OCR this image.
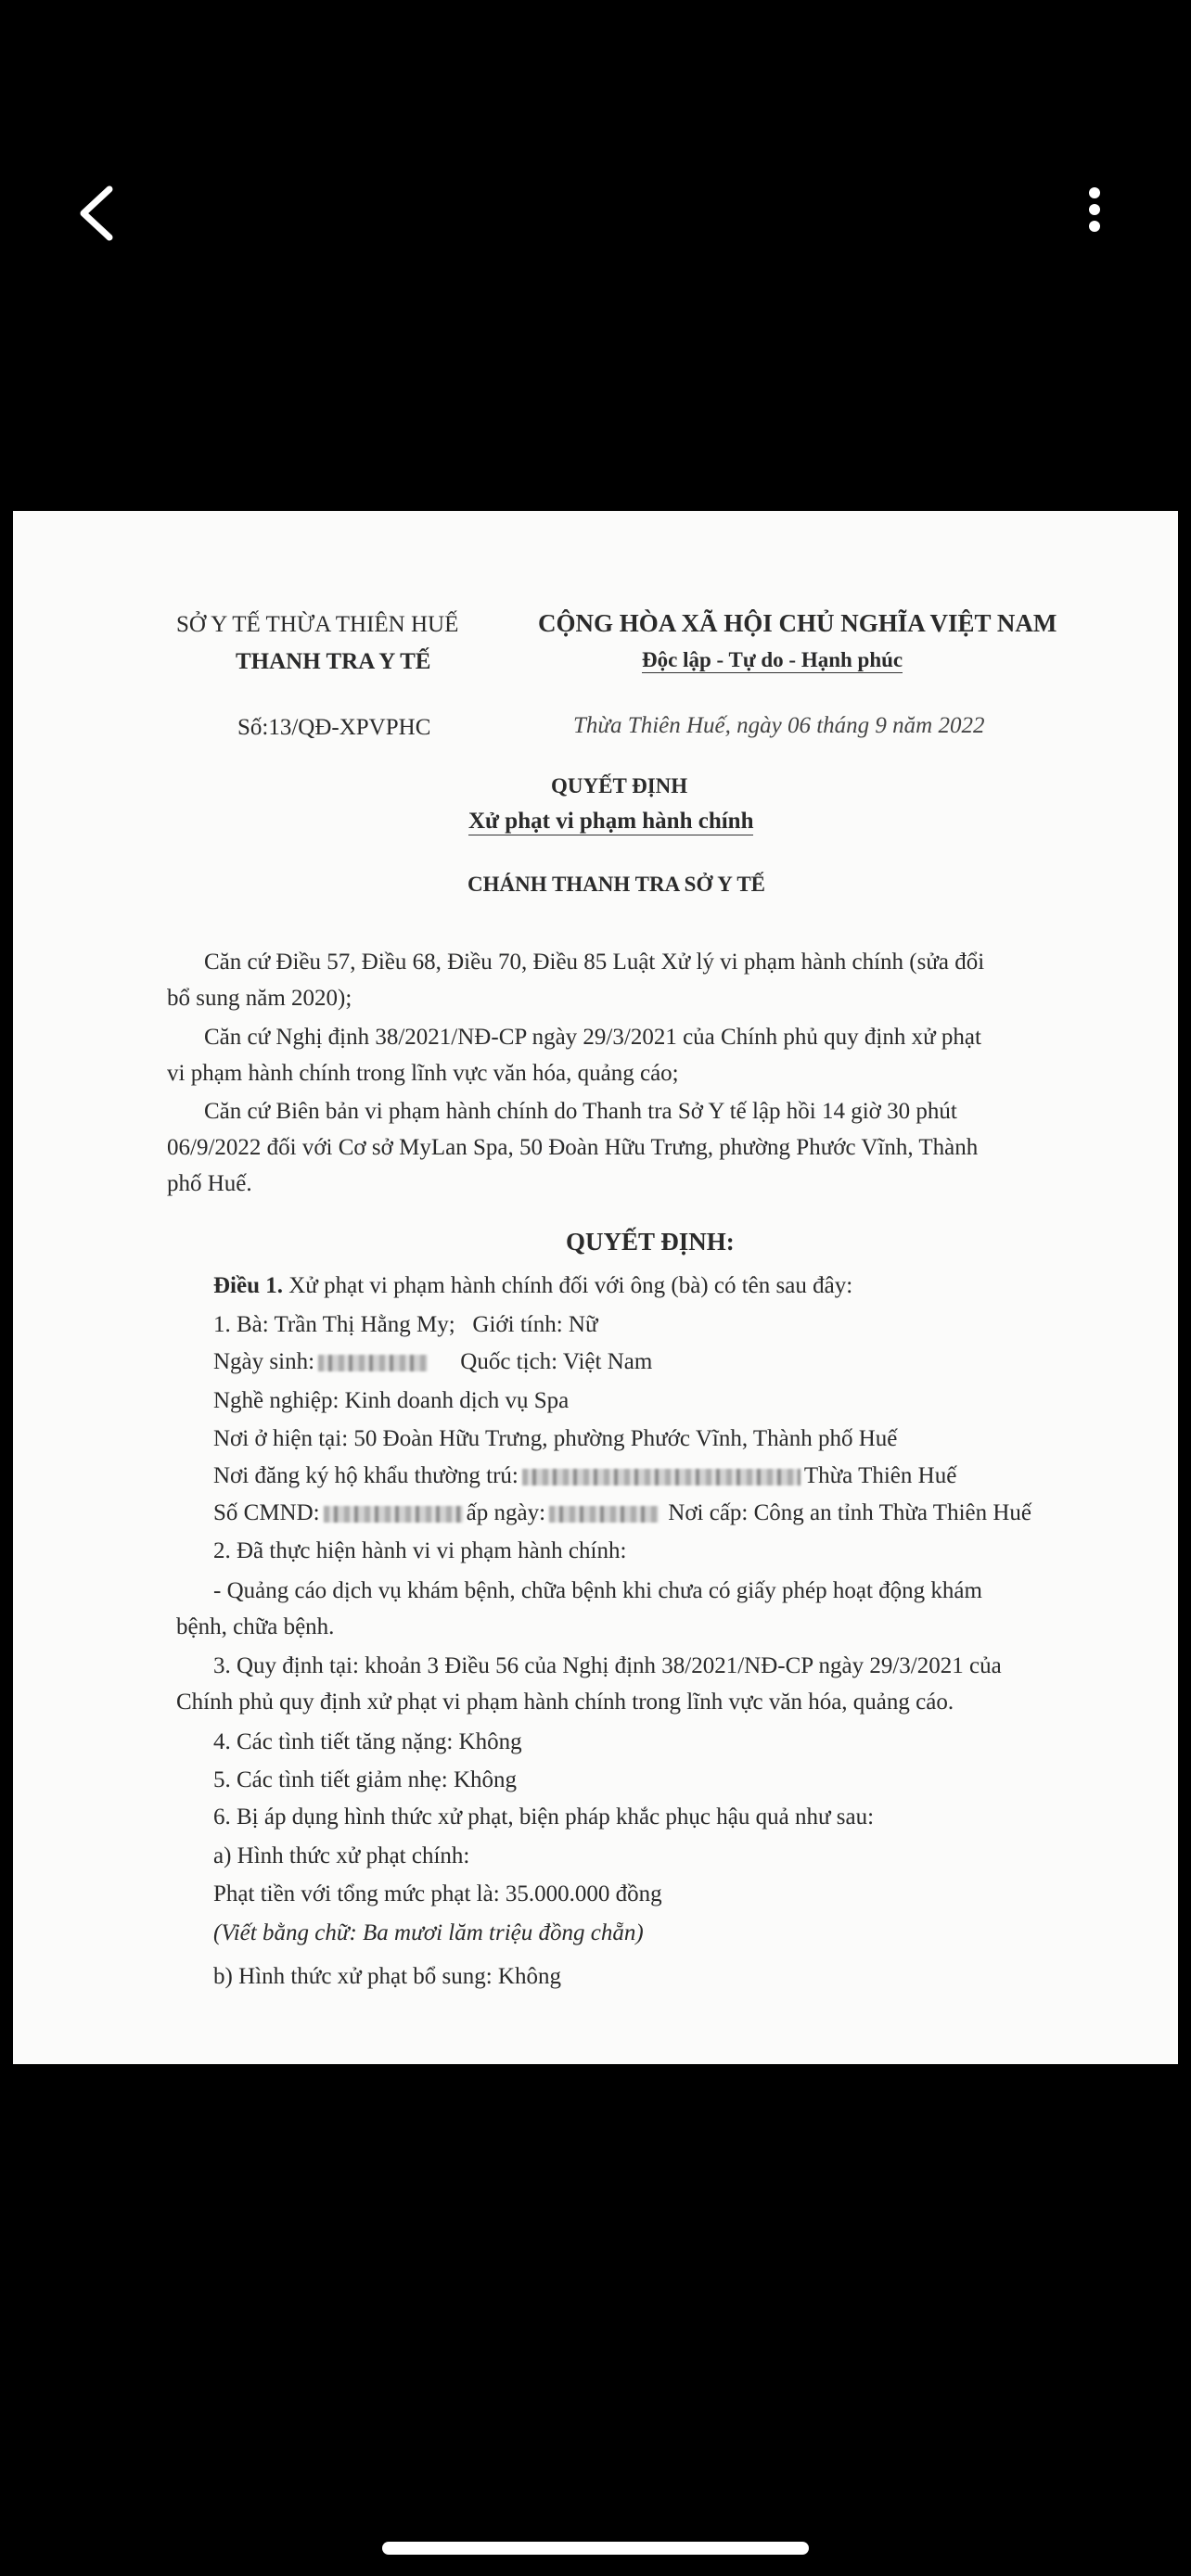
SỞ Y TẾ THỪA THIÊN HUẾ
THANH TRA Y TẾ
CỘNG HÒA XÃ HỘI CHỦ NGHĨA VIỆT NAM
Độc lập - Tự do - Hạnh phúc
Số:13/QĐ-XPVPHC	Thừa Thiên Huế, ngày 06 tháng 9 năm 2022
QUYẾT ĐỊNH
Xử phạt vi phạm hành chính
CHÁNH THANH TRA SỞ Y TẾ
Căn cứ Điều 57, Điều 68, Điều 70, Điều 85 Luật Xử lý vi phạm hành chính (sửa đổi
bổ sung năm 2020);
Căn cứ Nghị định 38/2021/NĐ-CP ngày 29/3/2021 của Chính phủ quy định xử phạt
vi phạm hành chính trong lĩnh vực văn hóa, quảng cáo;
Căn cứ Biên bản vi phạm hành chính do Thanh tra Sở Y tế lập hồi 14 giờ 30 phút
06/9/2022 đối với Cơ sở MyLan Spa, 50 Đoàn Hữu Trưng, phường Phước Vĩnh, Thành
phố Huế.
QUYẾT ĐỊNH:
Điều 1. Xử phạt vi phạm hành chính đối với ông (bà) có tên sau đây:
1. Bà: Trần Thị Hằng My; Giới tính: Nữ
Ngày sinh:	Quốc tịch: Việt Nam
Nghề nghiệp: Kinh doanh dịch vụ Spa
Nơi ở hiện tại: 50 Đoàn Hữu Trưng, phường Phước Vĩnh, Thành phố Huế
Nơi đăng ký hộ khẩu thường trú:	Thừa Thiên Huế
Số CMND:	ấp ngày:	Nơi cấp: Công an tỉnh Thừa Thiên Huế
2. Đã thực hiện hành vi vi phạm hành chính:
- Quảng cáo dịch vụ khám bệnh, chữa bệnh khi chưa có giấy phép hoạt động khám
bệnh, chữa bệnh.
3. Quy định tại: khoản 3 Điều 56 của Nghị định 38/2021/NĐ-CP ngày 29/3/2021 của
Chính phủ quy định xử phạt vi phạm hành chính trong lĩnh vực văn hóa, quảng cáo.
4. Các tình tiết tăng nặng: Không
5. Các tình tiết giảm nhẹ: Không
6. Bị áp dụng hình thức xử phạt, biện pháp khắc phục hậu quả như sau:
a) Hình thức xử phạt chính:
Phạt tiền với tổng mức phạt là: 35.000.000 đồng
(Viết bằng chữ: Ba mươi lăm triệu đồng chẵn)
b) Hình thức xử phạt bổ sung: Không
